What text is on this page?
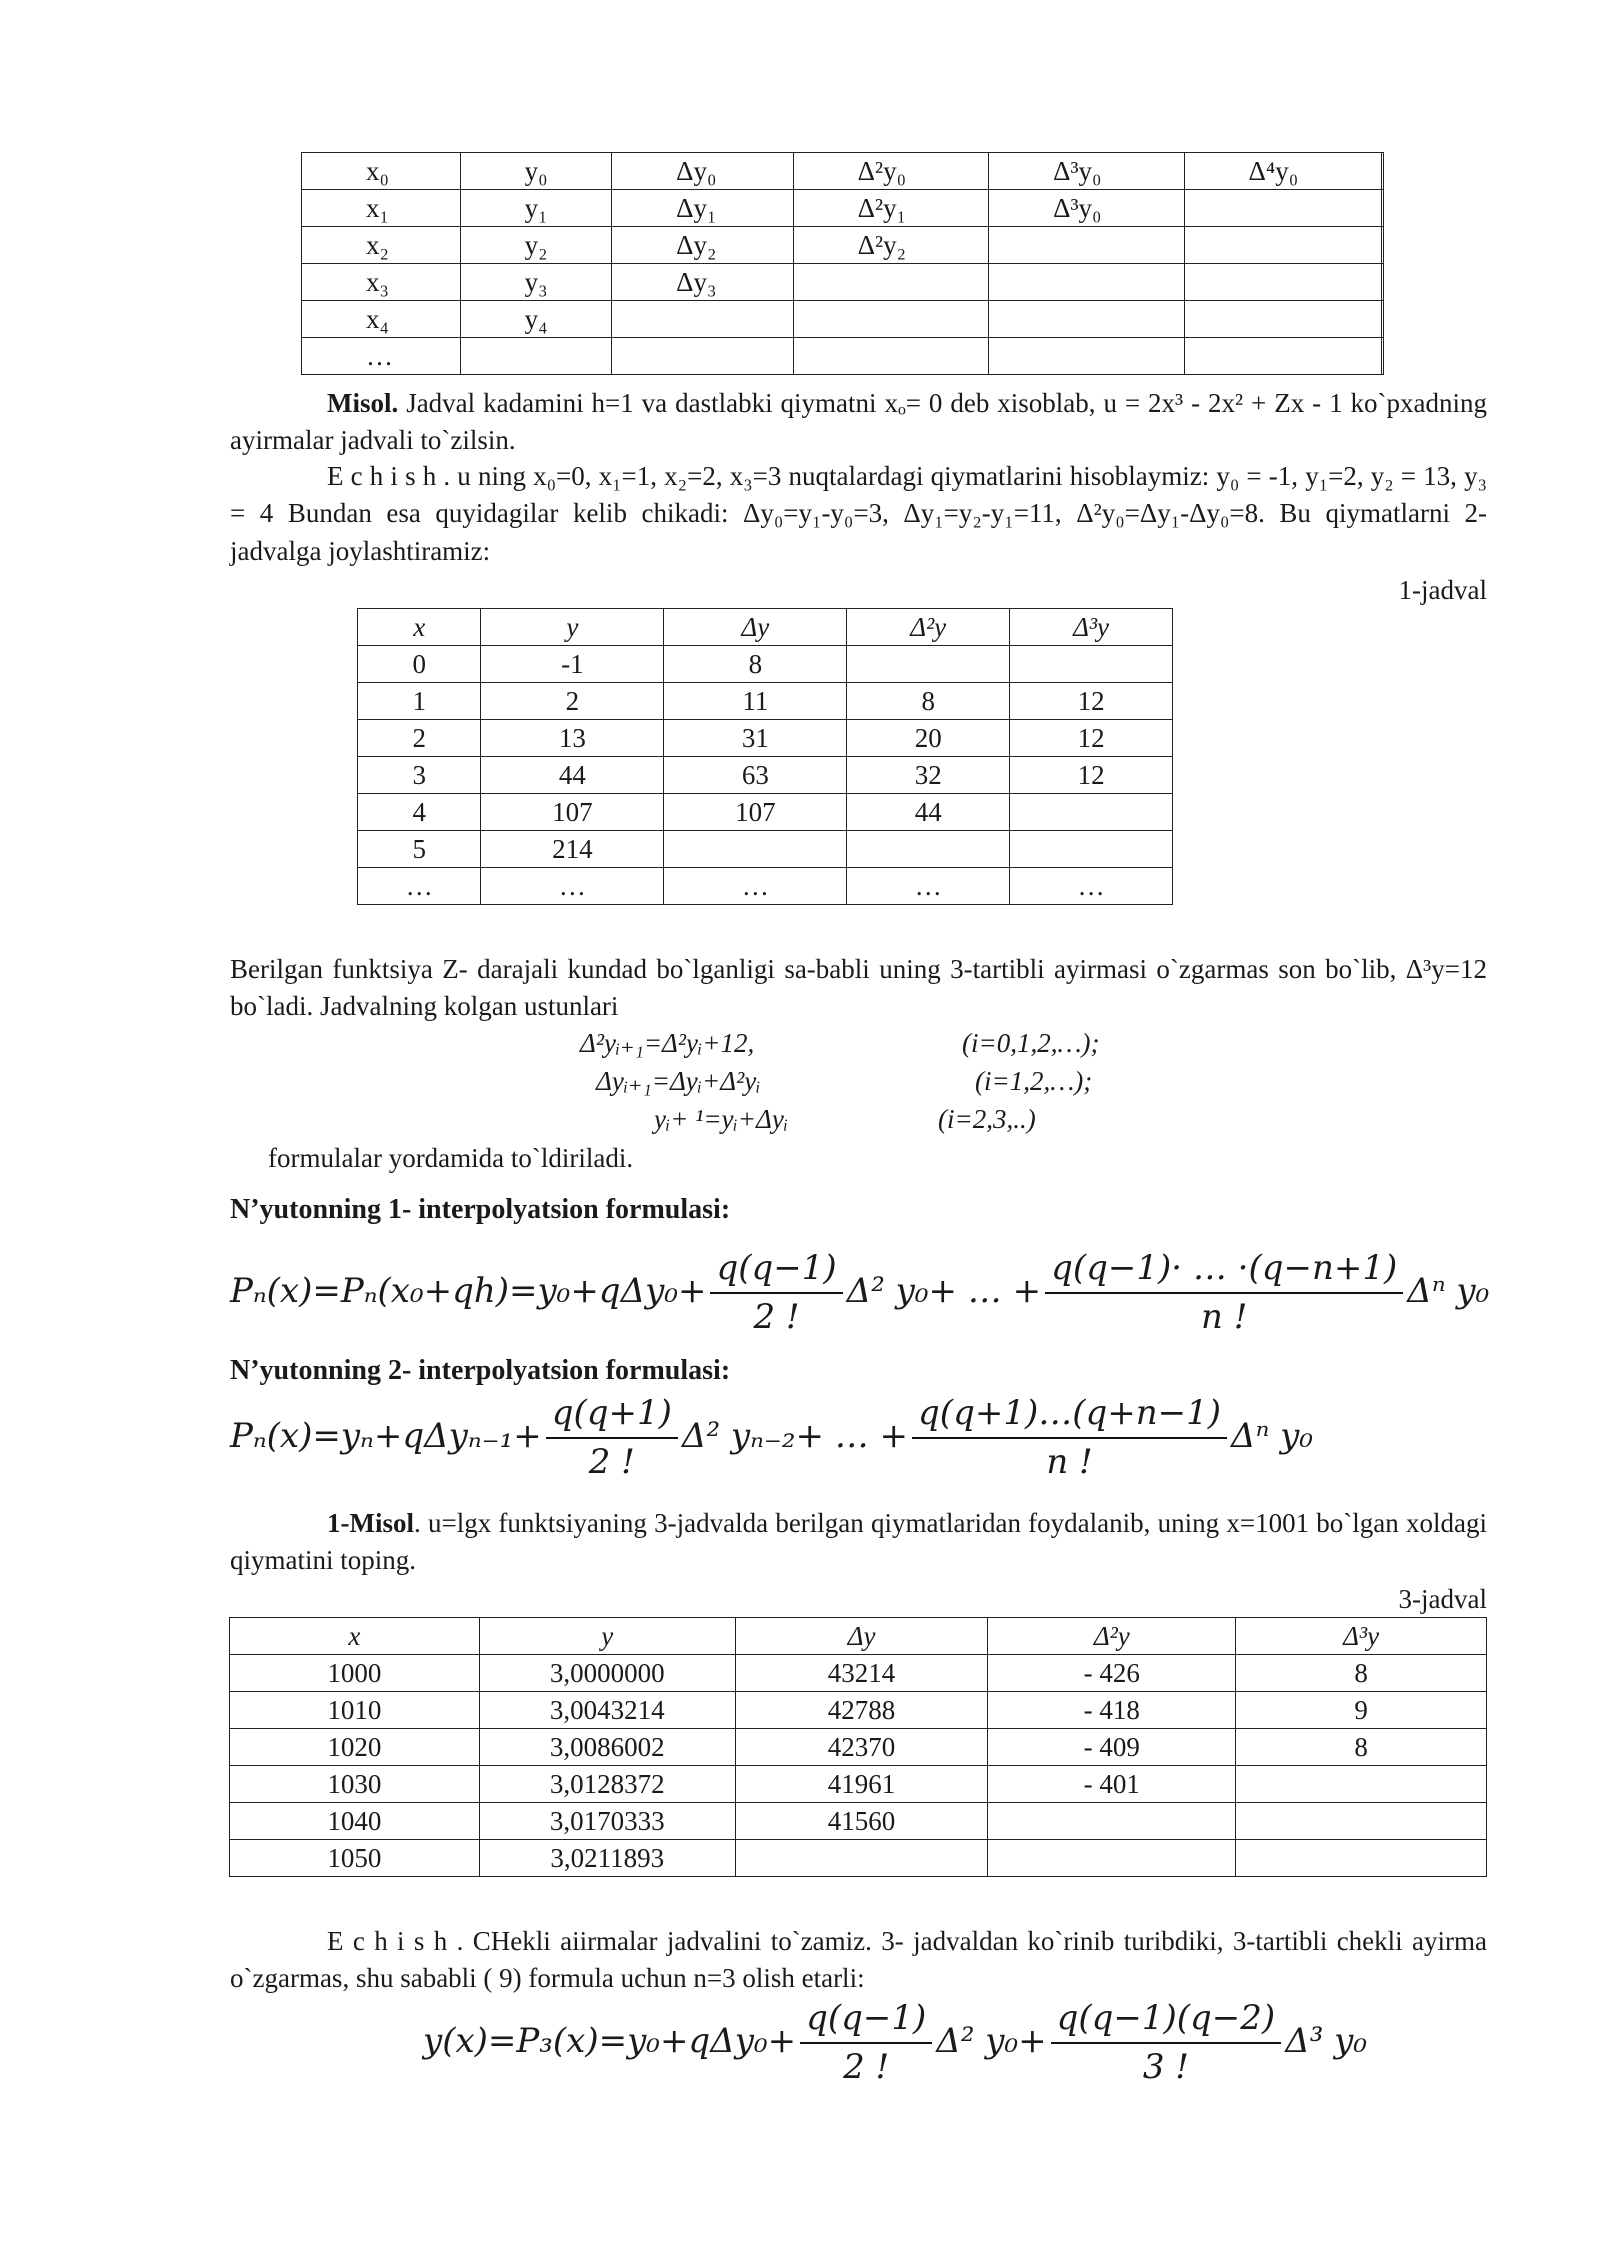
x₀	y₀	Δy₀	Δ²y₀	Δ³y₀	Δ⁴y₀	
x₁	y₁	Δy₁	Δ²y₁	Δ³y₀		
x₂	y₂	Δy₂	Δ²y₂			
x₃	y₃	Δy₃				
x₄	y₄					
…						
Misol. Jadval kadamini h=1 va dastlabki qiymatni xₒ= 0 deb xisoblab, u = 2x³ - 2x² + Zx - 1 ko`pxadning ayirmalar jadvali to`zilsin.
E c h i s h . u ning x₀=0, x₁=1, x₂=2, x₃=3 nuqtalardagi qiymatlarini hisoblaymiz: y₀ = -1, y₁=2, y₂ = 13, y₃ = 4 Bundan esa quyidagilar kelib chikadi: Δy₀=y₁-y₀=3, Δy₁=y₂-y₁=11, Δ²y₀=Δy₁-Δy₀=8. Bu qiymatlarni 2- jadvalga joylashtiramiz:
1-jadval
x	y	Δy	Δ²y	Δ³y
0	-1	8		
1	2	11	8	12
2	13	31	20	12
3	44	63	32	12
4	107	107	44	
5	214			
…	…	…	…	…
Berilgan funktsiya Z- darajali kundad bo`lganligi sa-babli uning 3-tartibli ayirmasi o`zgarmas son bo`lib, Δ³y=12 bo`ladi. Jadvalning kolgan ustunlari
Δ²yᵢ₊₁=Δ²yᵢ+12,	(i=0,1,2,…);
Δyᵢ₊₁=Δyᵢ+Δ²yᵢ	(i=1,2,…);
yᵢ+ ¹=yᵢ+Δyᵢ	(i=2,3,..)
formulalar yordamida to`ldiriladi.
N’yutonning 1- interpolyatsion formulasi:
$P_n(x)=P_n(x_0+qh)=y_0+q\Delta y_0+ \frac{q(q-1)}{2 !} \Delta^2$ y₀+ … + $\frac{q(q-1)\cdot \dots \cdot(q-n+1)}{n !}$ Δⁿ y₀
N’yutonning 2- interpolyatsion formulasi:
$P_n(x)=y_n+q\Delta y_{n-1}+ \frac{q(q+1)}{2 !} \Delta^2$ yₙ₋₂+ … + $\frac{q(q+1)\dots(q+n-1)}{n !}$ Δⁿ y₀
1-Misol. u=lgx funktsiyaning 3-jadvalda berilgan qiymatlaridan foydalanib, uning x=1001 bo`lgan xoldagi qiymatini toping.
3-jadval
x	y	Δy	Δ²y	Δ³y
1000	3,0000000	43214	- 426	8
1010	3,0043214	42788	- 418	9
1020	3,0086002	42370	- 409	8
1030	3,0128372	41961	- 401	
1040	3,0170333	41560		
1050	3,0211893			
E c h i s h . CHekli aiirmalar jadvalini to`zamiz. 3- jadvaldan ko`rinib turibdiki, 3-tartibli chekli ayirma o`zgarmas, shu sababli ( 9) formula uchun n=3 olish etarli:
$y(x)=P_3(x)=y_0+q\Delta y_0+ \frac{q(q-1)}{2 !} \Delta^2$ $y_0+ \frac{q(q-1)(q-2)}{3 !} \Delta^3$ y₀
